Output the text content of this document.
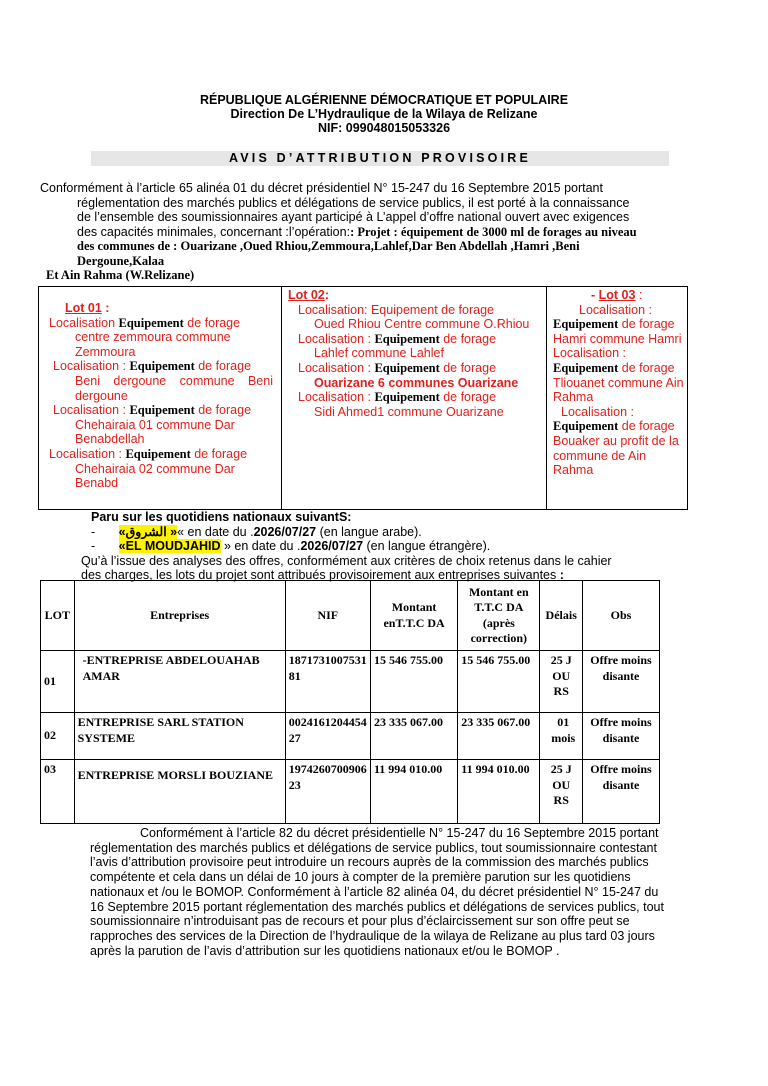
RÉPUBLIQUE ALGÉRIENNE DÉMOCRATIQUE ET POPULAIRE
Direction De L’Hydraulique de la Wilaya de Relizane
NIF: 099048015053326
AVIS D’ATTRIBUTION PROVISOIRE
Conformément à l’article 65 alinéa 01 du décret présidentiel N° 15-247 du 16 Septembre 2015 portant
réglementation des marchés publics et délégations de service publics, il est porté à la connaissance
de l’ensemble des soumissionnaires ayant participé à L’appel d’offre national ouvert avec exigences
des capacités minimales, concernant :l’opération:: Projet : équipement de 3000 ml de forages au niveau
des communes de : Ouarizane ,Oued Rhiou,Zemmoura,Lahlef,Dar Ben Abdellah ,Hamri ,Beni
Dergoune,Kalaa
Et Ain Rahma (W.Relizane)
Lot 01 :
Localisation Equipement de forage
centre zemmoura commune Zemmoura
Localisation : Equipement de forage
Beni dergoune commune Beni dergoune
Localisation : Equipement de forage
Chehairaia 01 commune Dar Benabdellah
Localisation : Equipement de forage
Chehairaia 02 commune Dar Benabd
Lot 02:
Localisation: Equipement de forage
Oued Rhiou Centre commune O.Rhiou
Localisation : Equipement de forage
Lahlef commune Lahlef
Localisation : Equipement de forage
Ouarizane 6 communes Ouarizane
Localisation : Equipement de forage
Sidi Ahmed1 commune Ouarizane
- Lot 03 :
Localisation :
Equipement de forage
Hamri commune Hamri
Localisation :
Equipement de forage
Tliouanet commune Ain Rahma
Localisation :
Equipement de forage
Bouaker au profit de la commune de Ain Rahma
Paru sur les quotidiens nationaux suivantS:
- «الشروق »« en date du .2026/07/27 (en langue arabe).
- «EL MOUDJAHID » en date du .2026/07/27 (en langue étrangère).
Qu’à l’issue des analyses des offres, conformément aux critères de choix retenus dans le cahier
des charges, les lots du projet sont attribués provisoirement aux entreprises suivantes :
LOT	Entreprises	NIF	Montant enT.T.C DA	Montant en T.T.C DA (après correction)	Délais	Obs
01	-ENTREPRISE ABDELOUAHAB AMAR	187173100753181	15 546 755.00	15 546 755.00	25 JOURS	Offre moins disante
02	ENTREPRISE SARL STATION SYSTEME	002416120445427	23 335 067.00	23 335 067.00	01 mois	Offre moins disante
03	ENTREPRISE MORSLI BOUZIANE	197426070090623	11 994 010.00	11 994 010.00	25 JOURS	Offre moins disante
Conformément à l’article 82 du décret présidentielle N° 15-247 du 16 Septembre 2015 portant
réglementation des marchés publics et délégations de service publics, tout soumissionnaire contestant
l’avis d’attribution provisoire peut introduire un recours auprès de la commission des marchés publics
compétente et cela dans un délai de 10 jours à compter de la première parution sur les quotidiens
nationaux et /ou le BOMOP. Conformément à l’article 82 alinéa 04, du décret présidentiel N° 15-247 du
16 Septembre 2015 portant réglementation des marchés publics et délégations de services publics, tout
soumissionnaire n’introduisant pas de recours et pour plus d’éclaircissement sur son offre peut se
rapproches des services de la Direction de l’hydraulique de la wilaya de Relizane au plus tard 03 jours
après la parution de l’avis d’attribution sur les quotidiens nationaux et/ou le BOMOP .
